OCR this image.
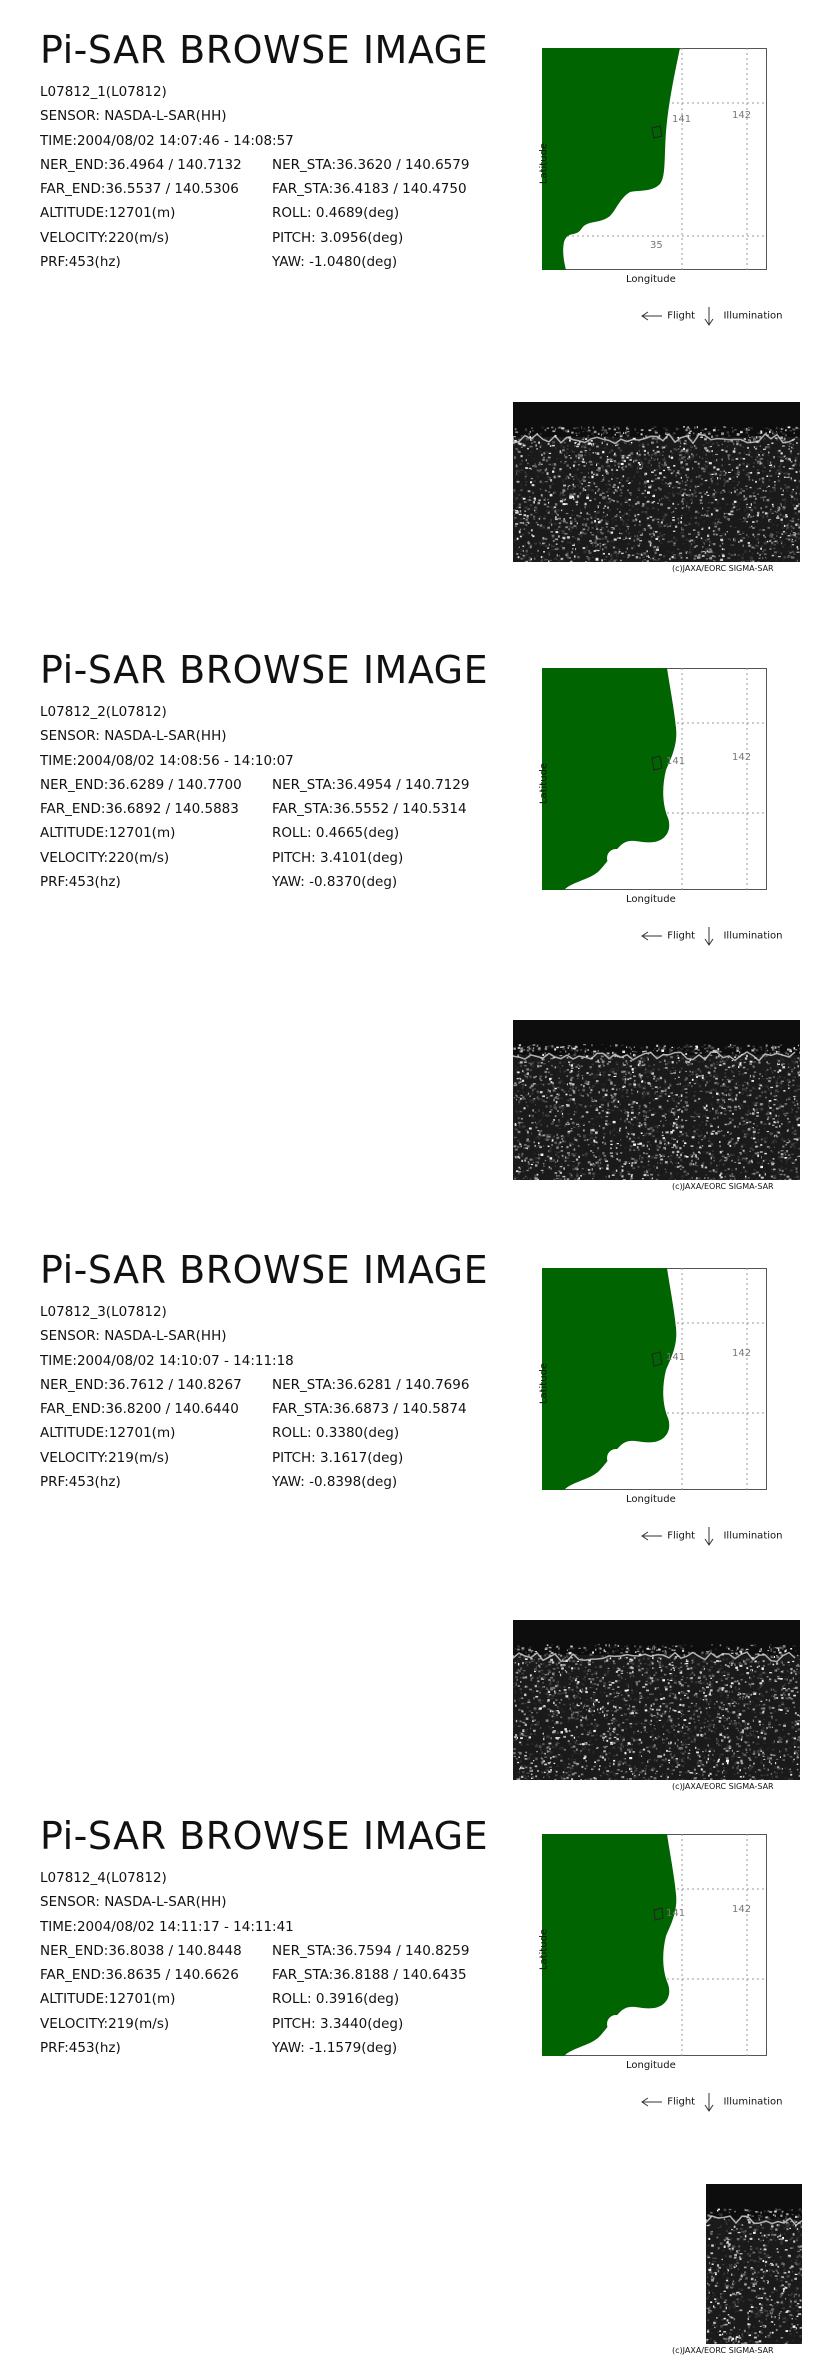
Pi-SAR BROWSE IMAGE
L07812_1(L07812)
SENSOR: NASDA-L-SAR(HH)
TIME:2004/08/02 14:07:46 - 14:08:57
NER_END:36.4964 / 140.7132 NER_STA:36.3620 / 140.6579
FAR_END:36.5537 / 140.5306 FAR_STA:36.4183 / 140.4750
ALTITUDE:12701(m)	ROLL: 0.4689(deg)
VELOCITY:220(m/s)	PITCH: 3.0956(deg)
PRF:453(hz)	YAW: -1.0480(deg)
141	142
35
Latitude
Longitude
Flight	Illumination
(c)JAXA/EORC SIGMA-SAR
Pi-SAR BROWSE IMAGE
L07812_2(L07812)
SENSOR: NASDA-L-SAR(HH)
TIME:2004/08/02 14:08:56 - 14:10:07
NER_END:36.6289 / 140.7700 NER_STA:36.4954 / 140.7129
FAR_END:36.6892 / 140.5883 FAR_STA:36.5552 / 140.5314
ALTITUDE:12701(m)	ROLL: 0.4665(deg)
VELOCITY:220(m/s)	PITCH: 3.4101(deg)
PRF:453(hz)	YAW: -0.8370(deg)
141	142
Latitude
Longitude
Flight	Illumination
(c)JAXA/EORC SIGMA-SAR
Pi-SAR BROWSE IMAGE
L07812_3(L07812)
SENSOR: NASDA-L-SAR(HH)
TIME:2004/08/02 14:10:07 - 14:11:18
NER_END:36.7612 / 140.8267 NER_STA:36.6281 / 140.7696
FAR_END:36.8200 / 140.6440 FAR_STA:36.6873 / 140.5874
ALTITUDE:12701(m)	ROLL: 0.3380(deg)
VELOCITY:219(m/s)	PITCH: 3.1617(deg)
PRF:453(hz)	YAW: -0.8398(deg)
141	142
Latitude
Longitude
Flight	Illumination
(c)JAXA/EORC SIGMA-SAR
Pi-SAR BROWSE IMAGE
L07812_4(L07812)
SENSOR: NASDA-L-SAR(HH)
TIME:2004/08/02 14:11:17 - 14:11:41
NER_END:36.8038 / 140.8448 NER_STA:36.7594 / 140.8259
FAR_END:36.8635 / 140.6626 FAR_STA:36.8188 / 140.6435
ALTITUDE:12701(m)	ROLL: 0.3916(deg)
VELOCITY:219(m/s)	PITCH: 3.3440(deg)
PRF:453(hz)	YAW: -1.1579(deg)
141	142
Latitude
Longitude
Flight	Illumination
(c)JAXA/EORC SIGMA-SAR
